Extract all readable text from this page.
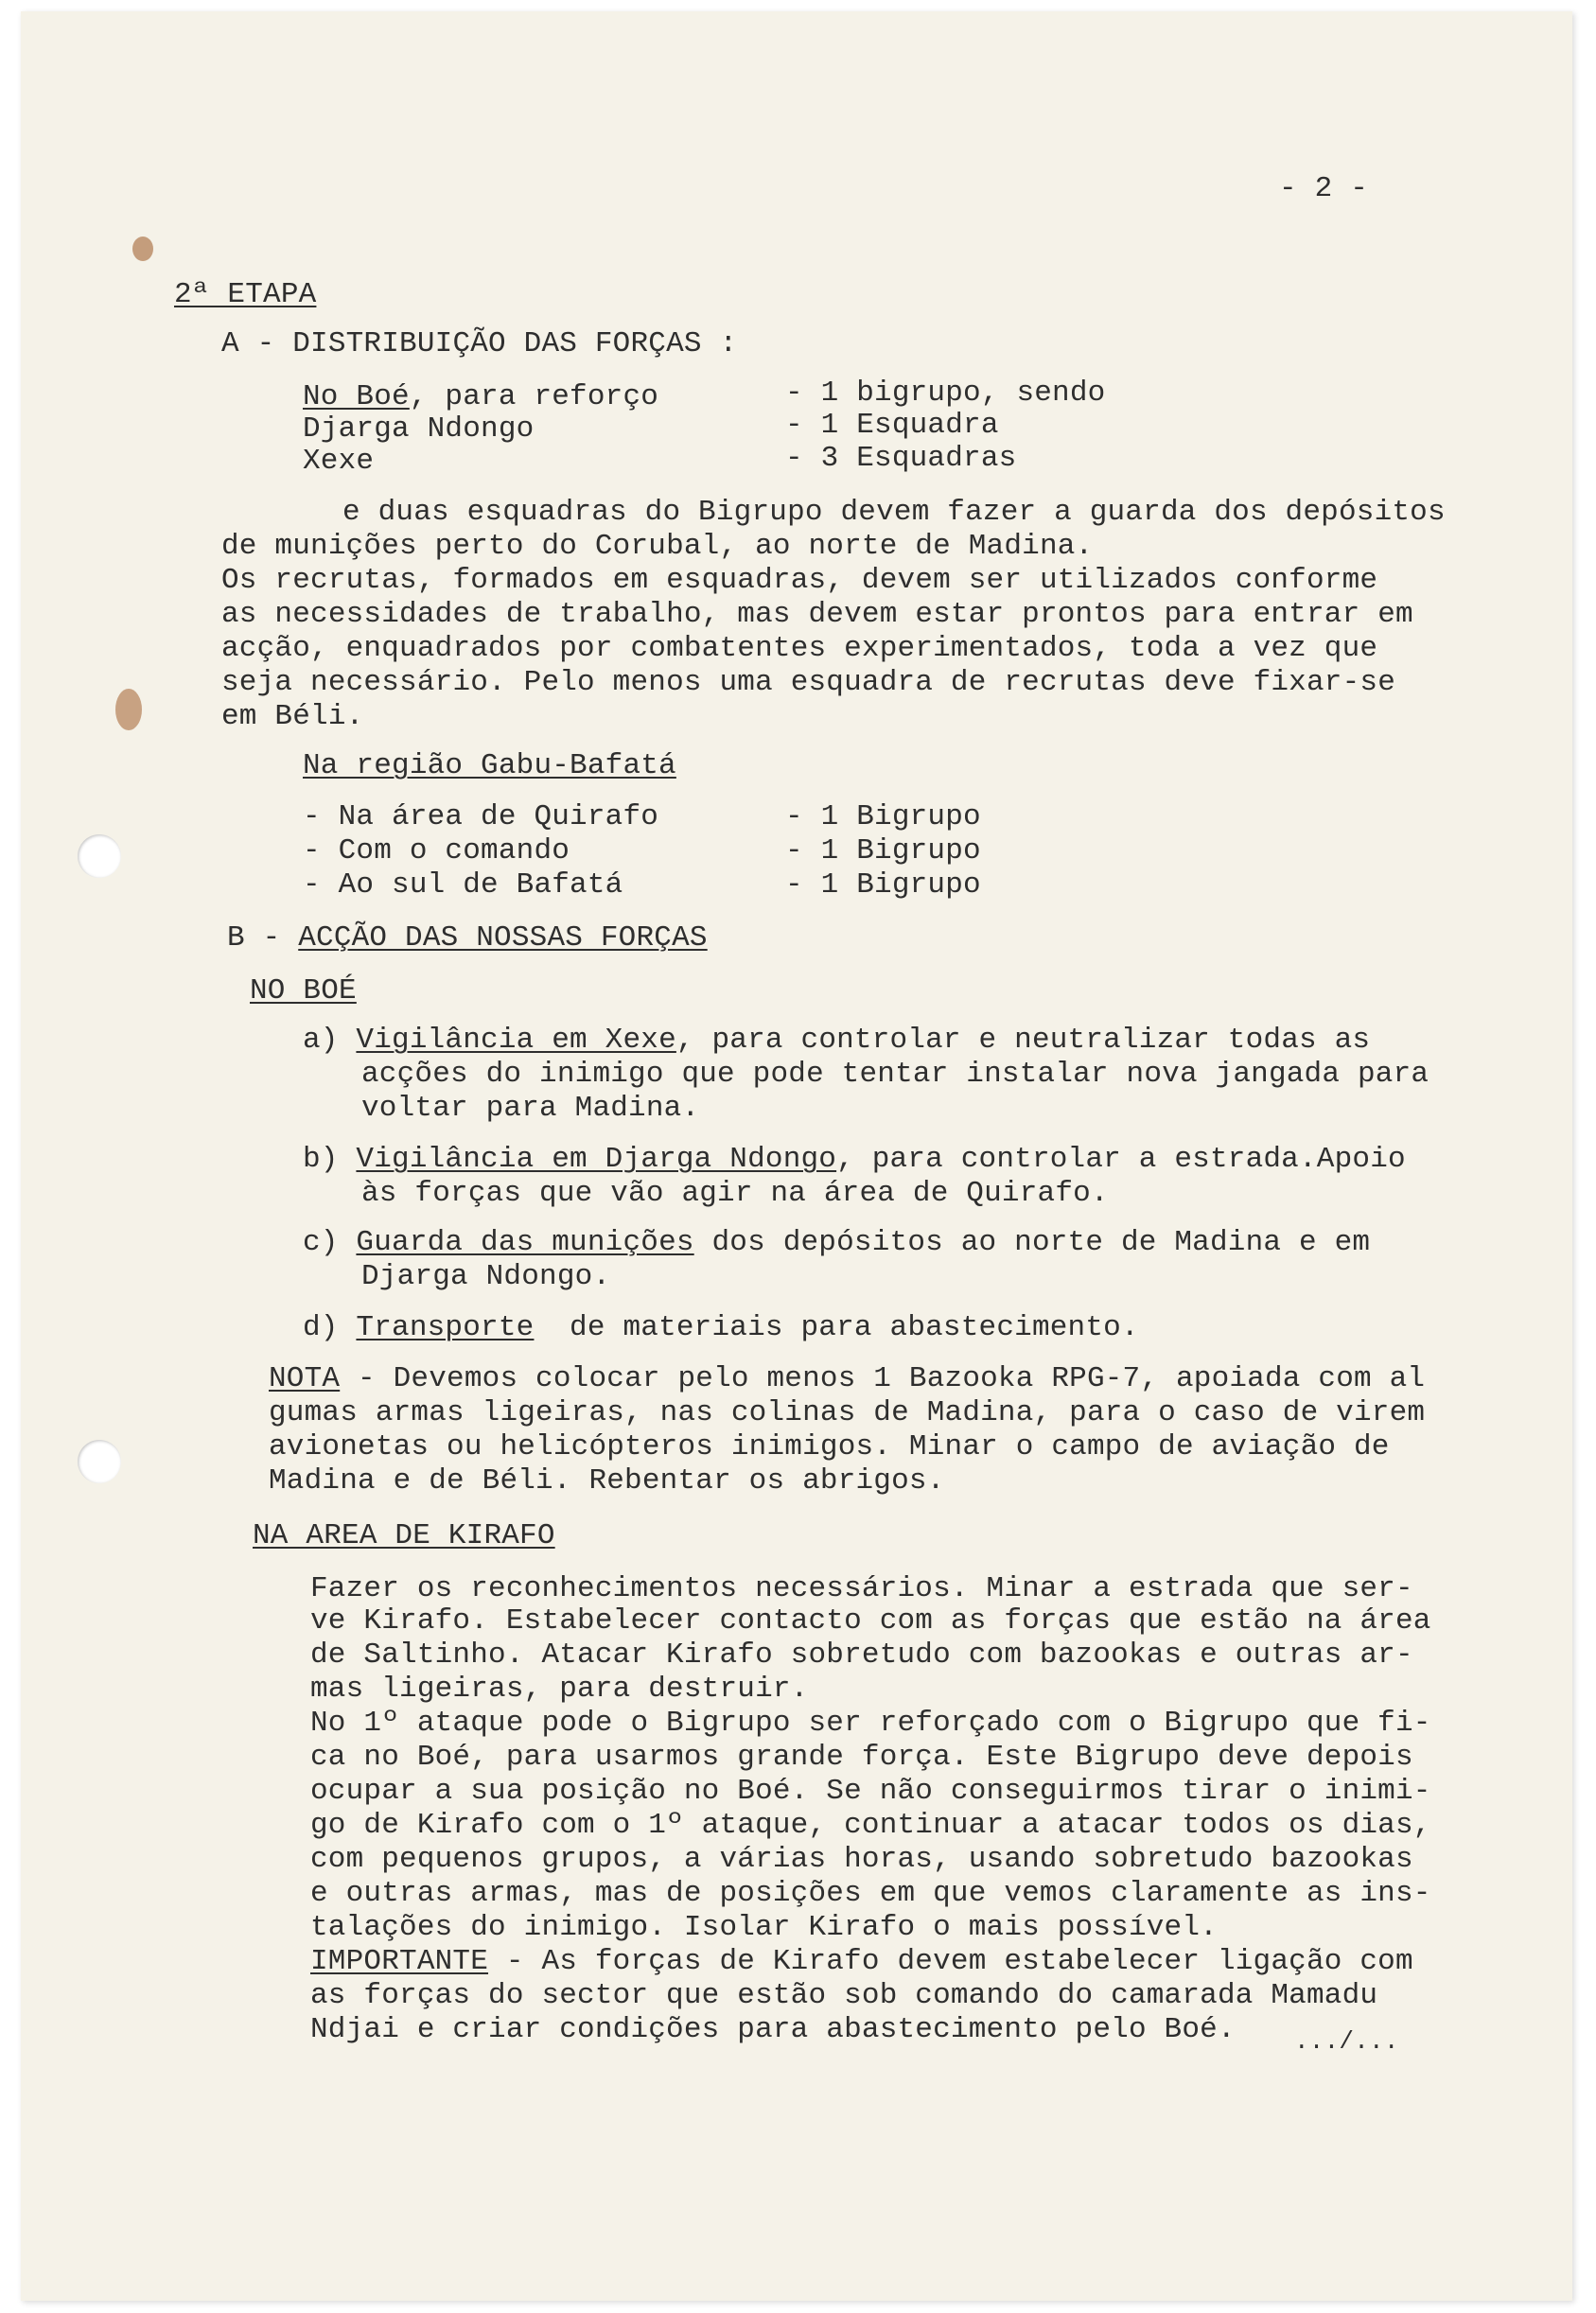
- 2 -
2ª ETAPA
A - DISTRIBUIÇÃO DAS FORÇAS :
No Boé, para reforço	- 1 bigrupo, sendo
Djarga Ndongo	- 1 Esquadra
Xexe	- 3 Esquadras
e duas esquadras do Bigrupo devem fazer a guarda dos depósitos
de munições perto do Corubal, ao norte de Madina.
Os recrutas, formados em esquadras, devem ser utilizados conforme
as necessidades de trabalho, mas devem estar prontos para entrar em
acção, enquadrados por combatentes experimentados, toda a vez que
seja necessário. Pelo menos uma esquadra de recrutas deve fixar-se
em Béli.
Na região Gabu-Bafatá
- Na área de Quirafo	- 1 Bigrupo
- Com o comando	- 1 Bigrupo
- Ao sul de Bafatá	- 1 Bigrupo
B - ACÇÃO DAS NOSSAS FORÇAS
NO BOÉ
a) Vigilância em Xexe, para controlar e neutralizar todas as
acções do inimigo que pode tentar instalar nova jangada para
voltar para Madina.
b) Vigilância em Djarga Ndongo, para controlar a estrada.Apoio
às forças que vão agir na área de Quirafo.
c) Guarda das munições dos depósitos ao norte de Madina e em
Djarga Ndongo.
d) Transporte  de materiais para abastecimento.
NOTA - Devemos colocar pelo menos 1 Bazooka RPG-7, apoiada com al
gumas armas ligeiras, nas colinas de Madina, para o caso de virem
avionetas ou helicópteros inimigos. Minar o campo de aviação de
Madina e de Béli. Rebentar os abrigos.
NA AREA DE KIRAFO
Fazer os reconhecimentos necessários. Minar a estrada que ser-
ve Kirafo. Estabelecer contacto com as forças que estão na área
de Saltinho. Atacar Kirafo sobretudo com bazookas e outras ar-
mas ligeiras, para destruir.
No 1º ataque pode o Bigrupo ser reforçado com o Bigrupo que fi-
ca no Boé, para usarmos grande força. Este Bigrupo deve depois
ocupar a sua posição no Boé. Se não conseguirmos tirar o inimi-
go de Kirafo com o 1º ataque, continuar a atacar todos os dias,
com pequenos grupos, a várias horas, usando sobretudo bazookas
e outras armas, mas de posições em que vemos claramente as ins-
talações do inimigo. Isolar Kirafo o mais possível.
IMPORTANTE - As forças de Kirafo devem estabelecer ligação com
as forças do sector que estão sob comando do camarada Mamadu
Ndjai e criar condições para abastecimento pelo Boé. .../...
